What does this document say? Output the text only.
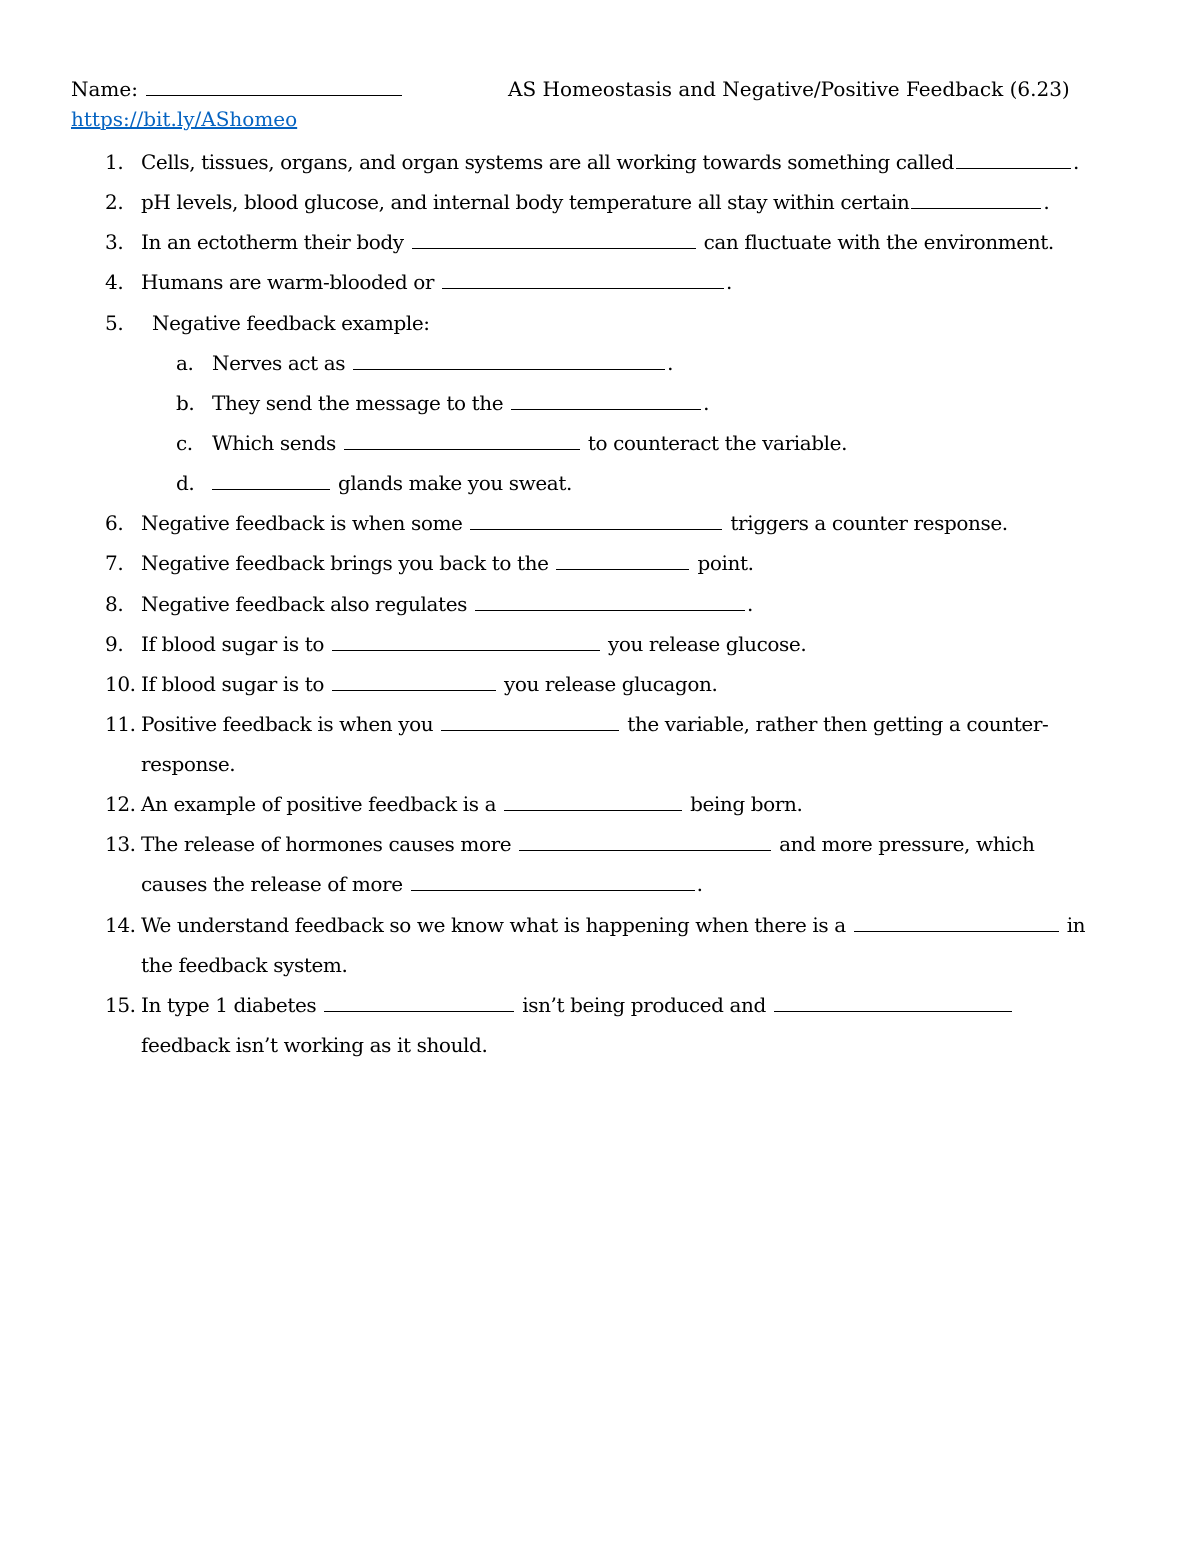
Name:	AS Homeostasis and Negative/Positive Feedback (6.23)
https://bit.ly/AShomeo
1. Cells, tissues, organs, and organ systems are all working towards something called	.
2. pH levels, blood glucose, and internal body temperature all stay within certain	.
3. In an ectotherm their body	can fluctuate with the environment.
4. Humans are warm-blooded or	.
5.	Negative feedback example:
a. Nerves act as	.
b. They send the message to the	.
c. Which sends	to counteract the variable.
d.	glands make you sweat.
6. Negative feedback is when some	triggers a counter response.
7. Negative feedback brings you back to the	point.
8. Negative feedback also regulates	.
9. If blood sugar is to	you release glucose.
10. If blood sugar is to	you release glucagon.
11. Positive feedback is when you	the variable, rather then getting a counter-
response.
12. An example of positive feedback is a	being born.
13. The release of hormones causes more	and more pressure, which
causes the release of more	.
14. We understand feedback so we know what is happening when there is a	in
the feedback system.
15. In type 1 diabetes	isn’t being produced and
feedback isn’t working as it should.
